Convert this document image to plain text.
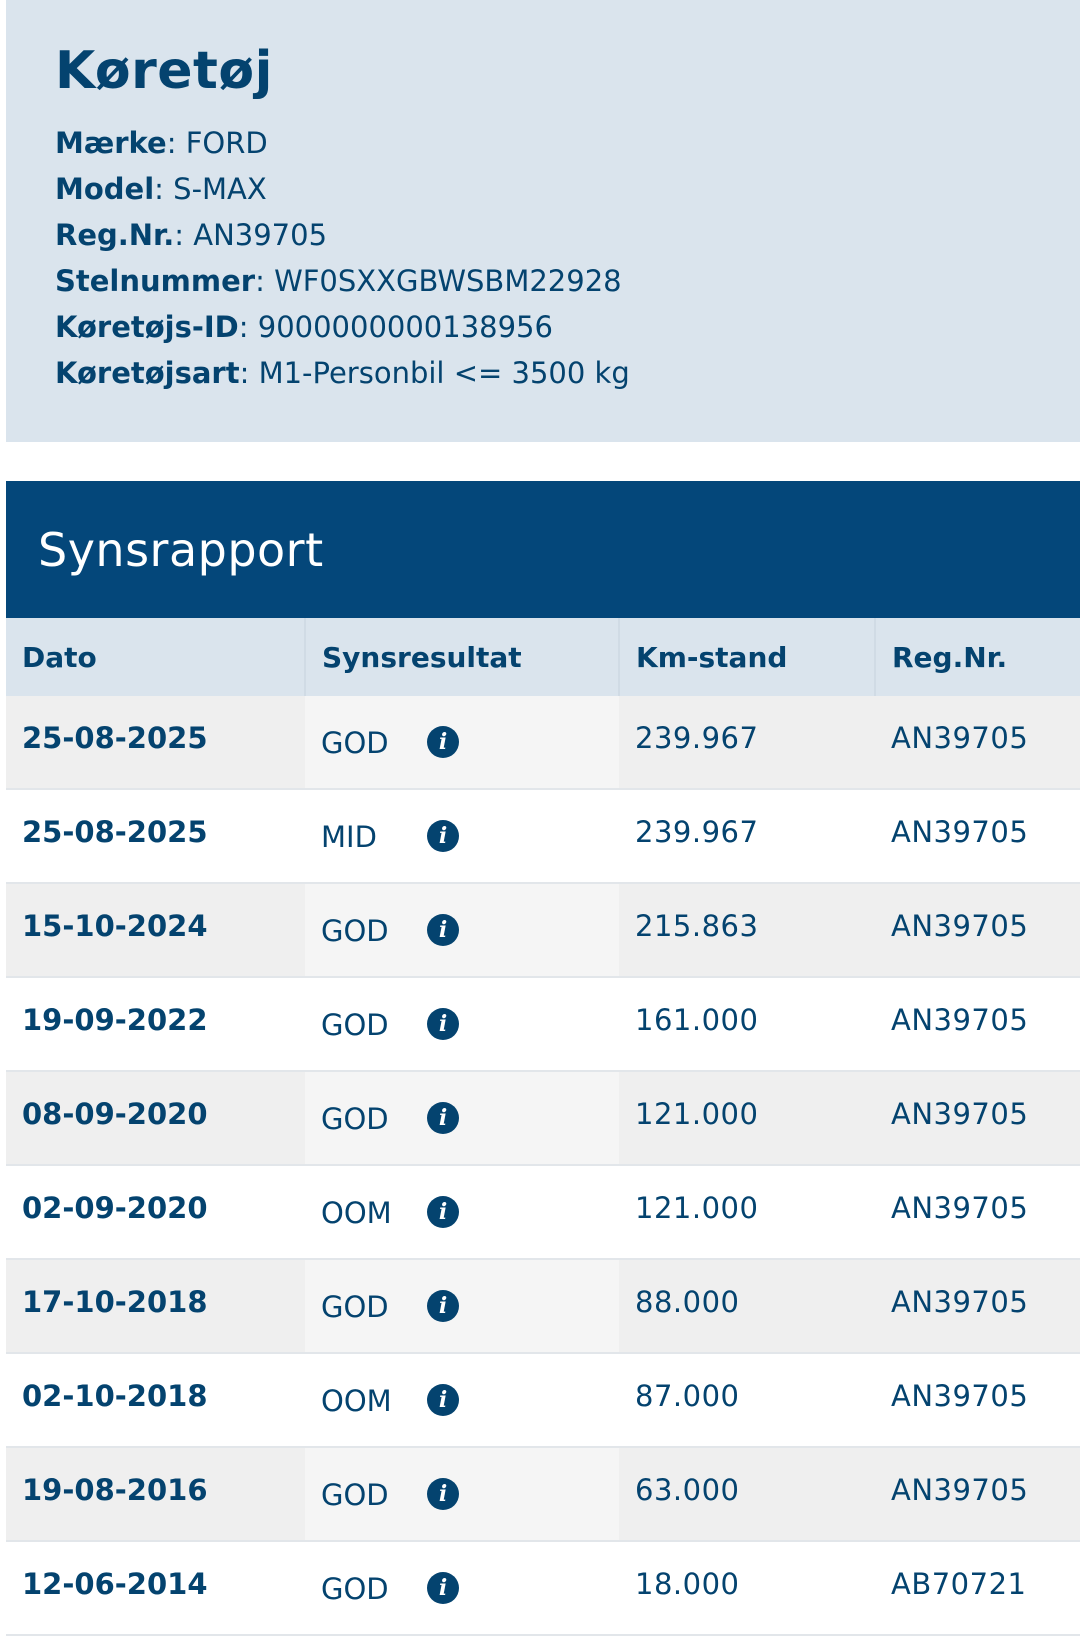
Køretøj
Mærke: FORD
Model: S-MAX
Reg.Nr.: AN39705
Stelnummer: WF0SXXGBWSBM22928
Køretøjs-ID: 9000000000138956
Køretøjsart: M1-Personbil <= 3500 kg
Synsrapport
Dato	Synsresultat	Km-stand	Reg.Nr.
25-08-2025	GOD i	239.967	AN39705
25-08-2025	MID i	239.967	AN39705
15-10-2024	GOD i	215.863	AN39705
19-09-2022	GOD i	161.000	AN39705
08-09-2020	GOD i	121.000	AN39705
02-09-2020	OOM i	121.000	AN39705
17-10-2018	GOD i	88.000	AN39705
02-10-2018	OOM i	87.000	AN39705
19-08-2016	GOD i	63.000	AN39705
12-06-2014	GOD i	18.000	AB70721
